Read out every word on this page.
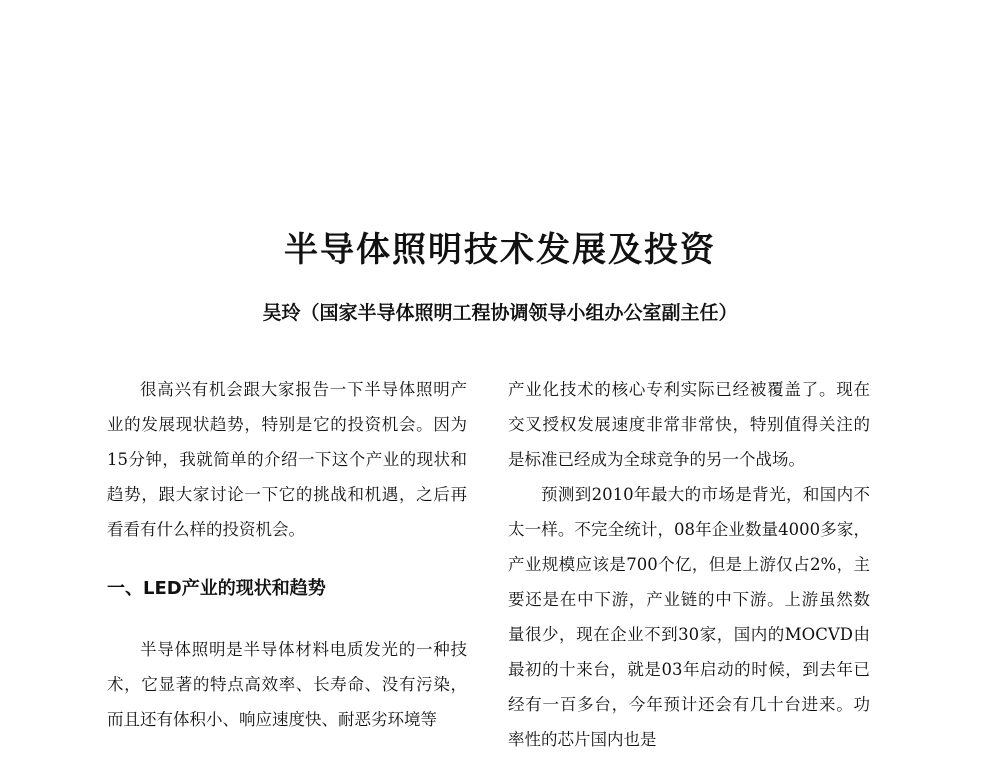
半导体照明技术发展及投资

吴玲（国家半导体照明工程协调领导小组办公室副主任）

很高兴有机会跟大家报告一下半导体照明产业的发展现状趋势，特别是它的投资机会。因为15分钟，我就简单的介绍一下这个产业的现状和趋势，跟大家讨论一下它的挑战和机遇，之后再看看有什么样的投资机会。

一、LED产业的现状和趋势

半导体照明是半导体材料电质发光的一种技术，它显著的特点高效率、长寿命、没有污染，而且还有体积小、响应速度快、耐恶劣环境等

产业化技术的核心专利实际已经被覆盖了。现在交叉授权发展速度非常非常快，特别值得关注的是标准已经成为全球竞争的另一个战场。

预测到2010年最大的市场是背光，和国内不太一样。不完全统计，08年企业数量4000多家，产业规模应该是700个亿，但是上游仅占2%，主要还是在中下游，产业链的中下游。上游虽然数量很少，现在企业不到30家，国内的MOCVD由最初的十来台，就是03年启动的时候，到去年已经有一百多台，今年预计还会有几十台进来。功率性的芯片国内也是
